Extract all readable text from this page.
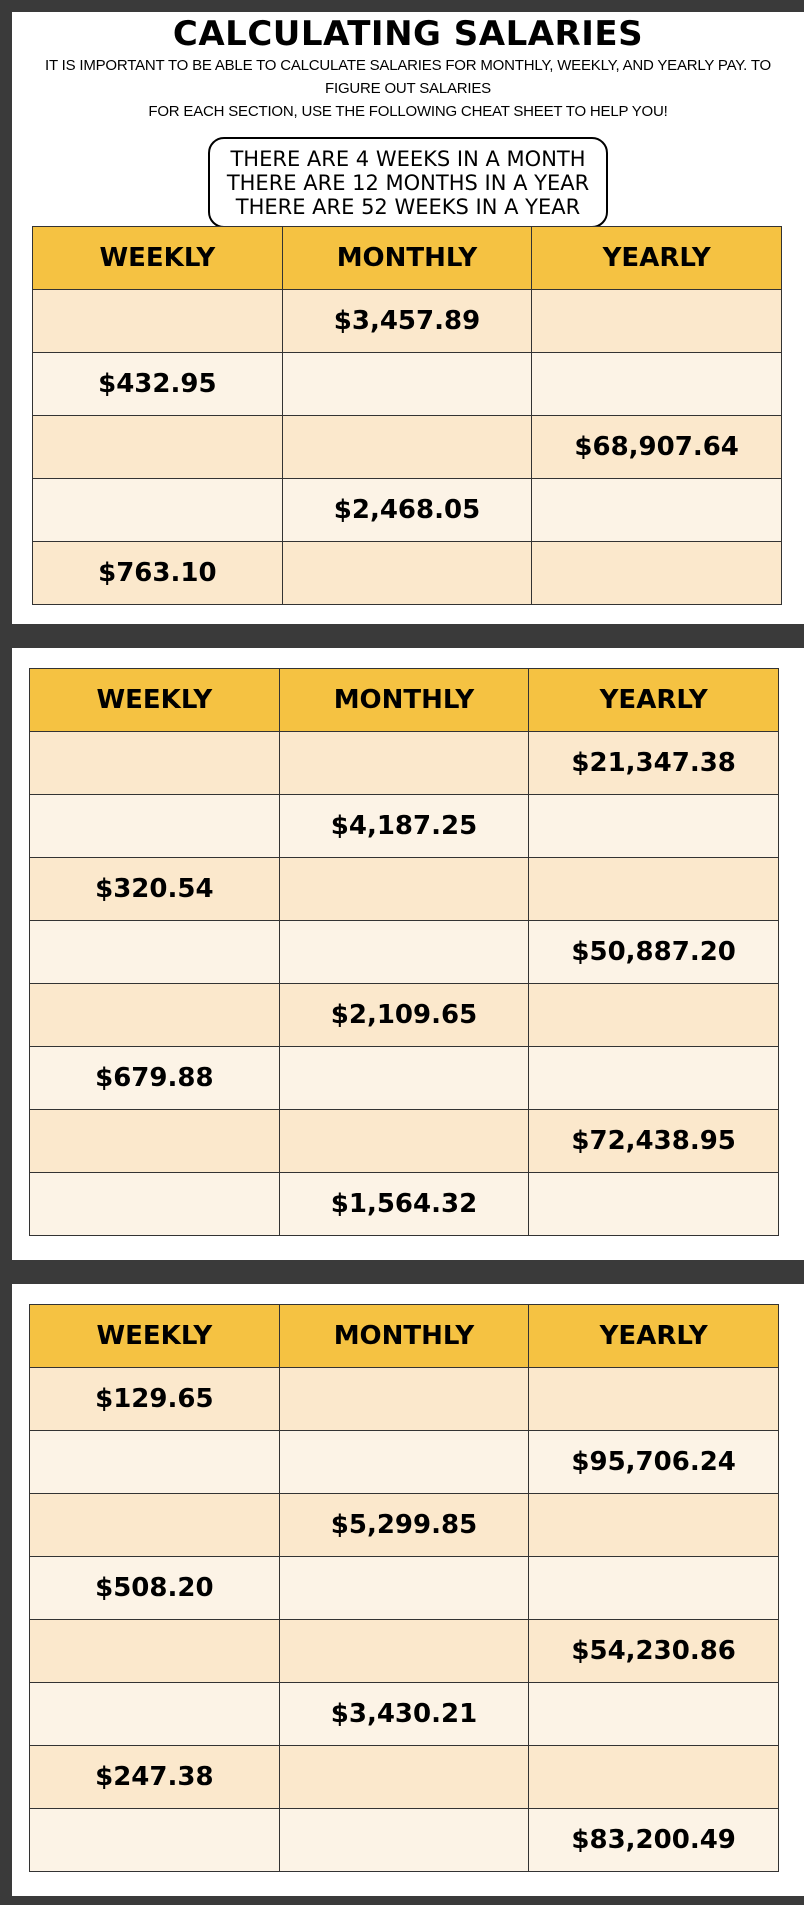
CALCULATING SALARIES

IT IS IMPORTANT TO BE ABLE TO CALCULATE SALARIES FOR MONTHLY, WEEKLY, AND YEARLY PAY. TO FIGURE OUT SALARIES
FOR EACH SECTION, USE THE FOLLOWING CHEAT SHEET TO HELP YOU!

THERE ARE 4 WEEKS IN A MONTH
THERE ARE 12 MONTHS IN A YEAR
THERE ARE 52 WEEKS IN A YEAR
WEEKLY	MONTHLY	YEARLY
	$3,457.89	
$432.95		
		$68,907.64
	$2,468.05	
$763.10		
WEEKLY	MONTHLY	YEARLY
		$21,347.38
	$4,187.25	
$320.54		
		$50,887.20
	$2,109.65	
$679.88		
		$72,438.95
	$1,564.32	
WEEKLY	MONTHLY	YEARLY
$129.65		
		$95,706.24
	$5,299.85	
$508.20		
		$54,230.86
	$3,430.21	
$247.38		
		$83,200.49
